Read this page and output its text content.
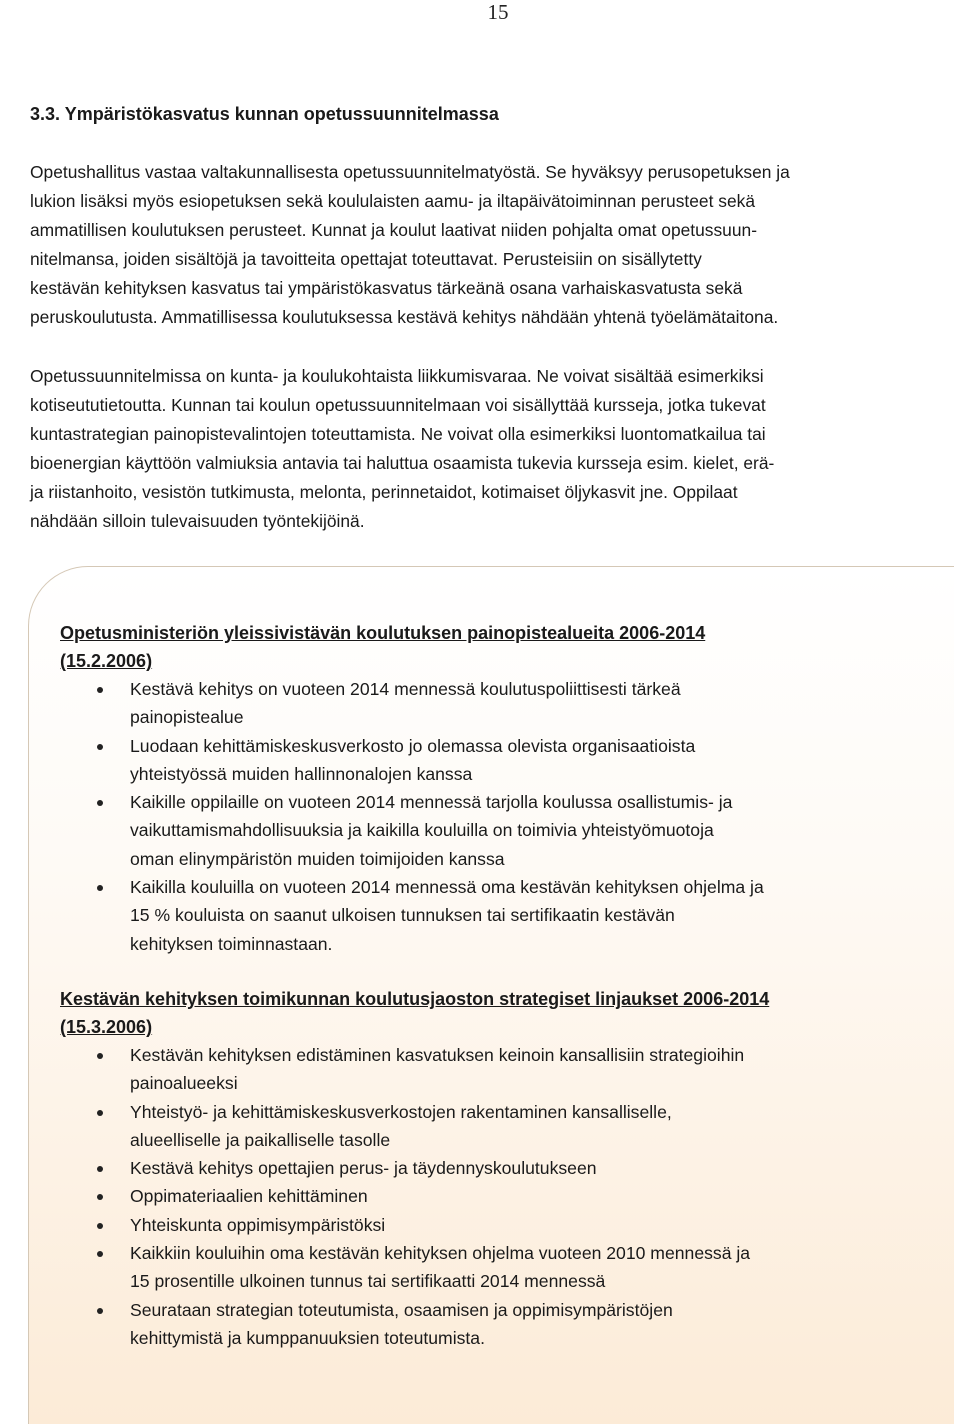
15
3.3. Ympäristökasvatus kunnan opetussuunnitelmassa

Opetushallitus vastaa valtakunnallisesta opetussuunnitelmatyöstä. Se hyväksyy perusopetuksen ja
lukion lisäksi myös esiopetuksen sekä koululaisten aamu- ja iltapäivätoiminnan perusteet sekä
ammatillisen koulutuksen perusteet. Kunnat ja koulut laativat niiden pohjalta omat opetussuun-
nitelmansa, joiden sisältöjä ja tavoitteita opettajat toteuttavat. Perusteisiin on sisällytetty
kestävän kehityksen kasvatus tai ympäristökasvatus tärkeänä osana varhaiskasvatusta sekä
peruskoulutusta. Ammatillisessa koulutuksessa kestävä kehitys nähdään yhtenä työelämätaitona.

Opetussuunnitelmissa on kunta- ja koulukohtaista liikkumisvaraa. Ne voivat sisältää esimerkiksi
kotiseututietoutta. Kunnan tai koulun opetussuunnitelmaan voi sisällyttää kursseja, jotka tukevat
kuntastrategian painopistevalintojen toteuttamista. Ne voivat olla esimerkiksi luontomatkailua tai
bioenergian käyttöön valmiuksia antavia tai haluttua osaamista tukevia kursseja esim. kielet, erä-
ja riistanhoito, vesistön tutkimusta, melonta, perinnetaidot, kotimaiset öljykasvit jne. Oppilaat
nähdään silloin tulevaisuuden työntekijöinä.

Opetusministeriön yleissivistävän koulutuksen painopistealueita 2006-2014
(15.2.2006)
Kestävä kehitys on vuoteen 2014 mennessä koulutuspoliittisesti tärkeä
painopistealue
Luodaan kehittämiskeskusverkosto jo olemassa olevista organisaatioista
yhteistyössä muiden hallinnonalojen kanssa
Kaikille oppilaille on vuoteen 2014 mennessä tarjolla koulussa osallistumis- ja
vaikuttamismahdollisuuksia ja kaikilla kouluilla on toimivia yhteistyömuotoja
oman elinympäristön muiden toimijoiden kanssa
Kaikilla kouluilla on vuoteen 2014 mennessä oma kestävän kehityksen ohjelma ja
15 % kouluista on saanut ulkoisen tunnuksen tai sertifikaatin kestävän
kehityksen toiminnastaan.
Kestävän kehityksen toimikunnan koulutusjaoston strategiset linjaukset 2006-2014
(15.3.2006)
Kestävän kehityksen edistäminen kasvatuksen keinoin kansallisiin strategioihin
painoalueeksi
Yhteistyö- ja kehittämiskeskusverkostojen rakentaminen kansalliselle,
alueelliselle ja paikalliselle tasolle
Kestävä kehitys opettajien perus- ja täydennyskoulutukseen
Oppimateriaalien kehittäminen
Yhteiskunta oppimisympäristöksi
Kaikkiin kouluihin oma kestävän kehityksen ohjelma vuoteen 2010 mennessä ja
15 prosentille ulkoinen tunnus tai sertifikaatti 2014 mennessä
Seurataan strategian toteutumista, osaamisen ja oppimisympäristöjen
kehittymistä ja kumppanuuksien toteutumista.
